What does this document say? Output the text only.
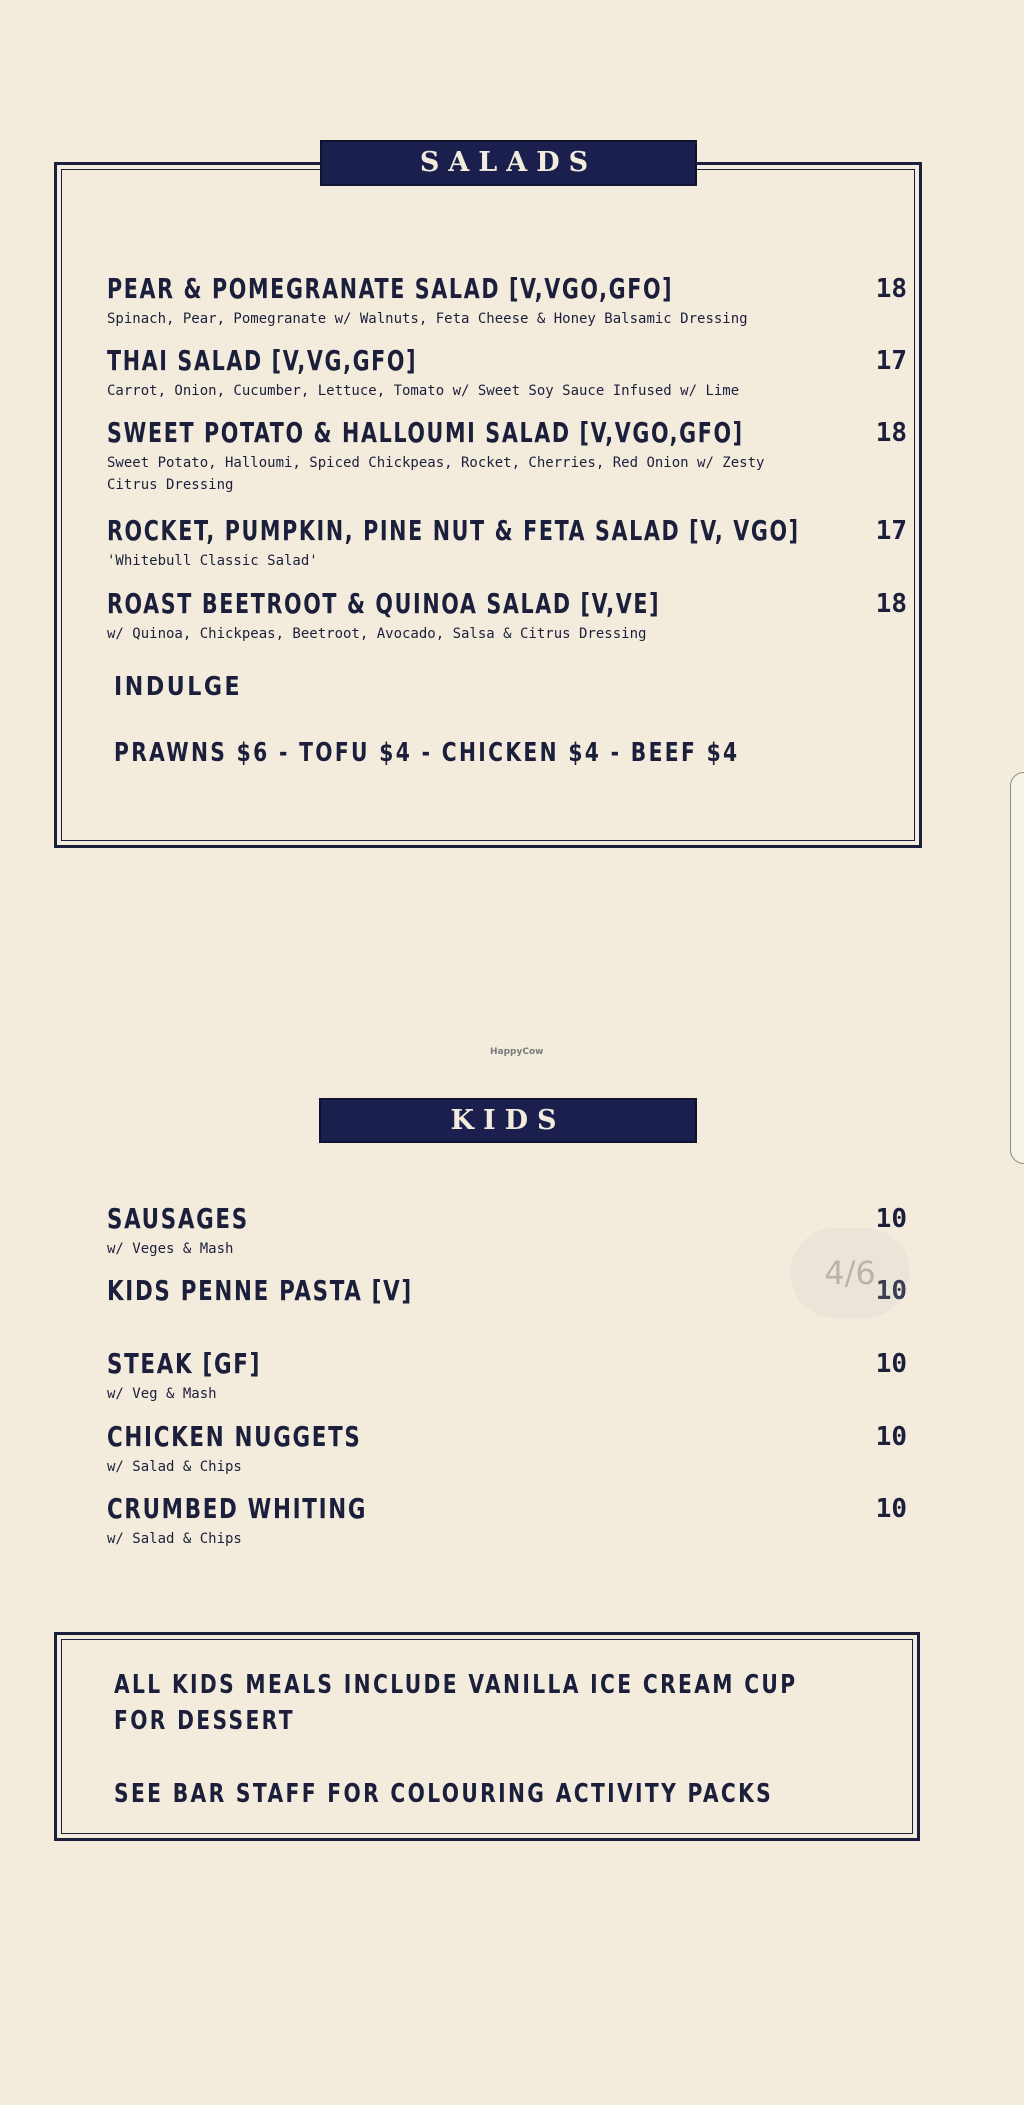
SALADS
PEAR & POMEGRANATE SALAD [V,VGO,GFO]	18
Spinach, Pear, Pomegranate w/ Walnuts, Feta Cheese & Honey Balsamic Dressing
THAI SALAD [V,VG,GFO]	17
Carrot, Onion, Cucumber, Lettuce, Tomato w/ Sweet Soy Sauce Infused w/ Lime
SWEET POTATO & HALLOUMI SALAD [V,VGO,GFO]	18
Sweet Potato, Halloumi, Spiced Chickpeas, Rocket, Cherries, Red Onion w/ Zesty Citrus Dressing
ROCKET, PUMPKIN, PINE NUT & FETA SALAD [V, VGO]	17
'Whitebull Classic Salad'
ROAST BEETROOT & QUINOA SALAD [V,VE]	18
w/ Quinoa, Chickpeas, Beetroot, Avocado, Salsa & Citrus Dressing
INDULGE
PRAWNS $6 - TOFU $4 - CHICKEN $4 - BEEF $4
HappyCow
KIDS
SAUSAGES	10
w/ Veges & Mash
KIDS PENNE PASTA [V]	10
STEAK [GF]	10
w/ Veg & Mash
CHICKEN NUGGETS	10
w/ Salad & Chips
CRUMBED WHITING	10
w/ Salad & Chips
ALL KIDS MEALS INCLUDE VANILLA ICE CREAM CUP
FOR DESSERT
SEE BAR STAFF FOR COLOURING ACTIVITY PACKS
4/6
